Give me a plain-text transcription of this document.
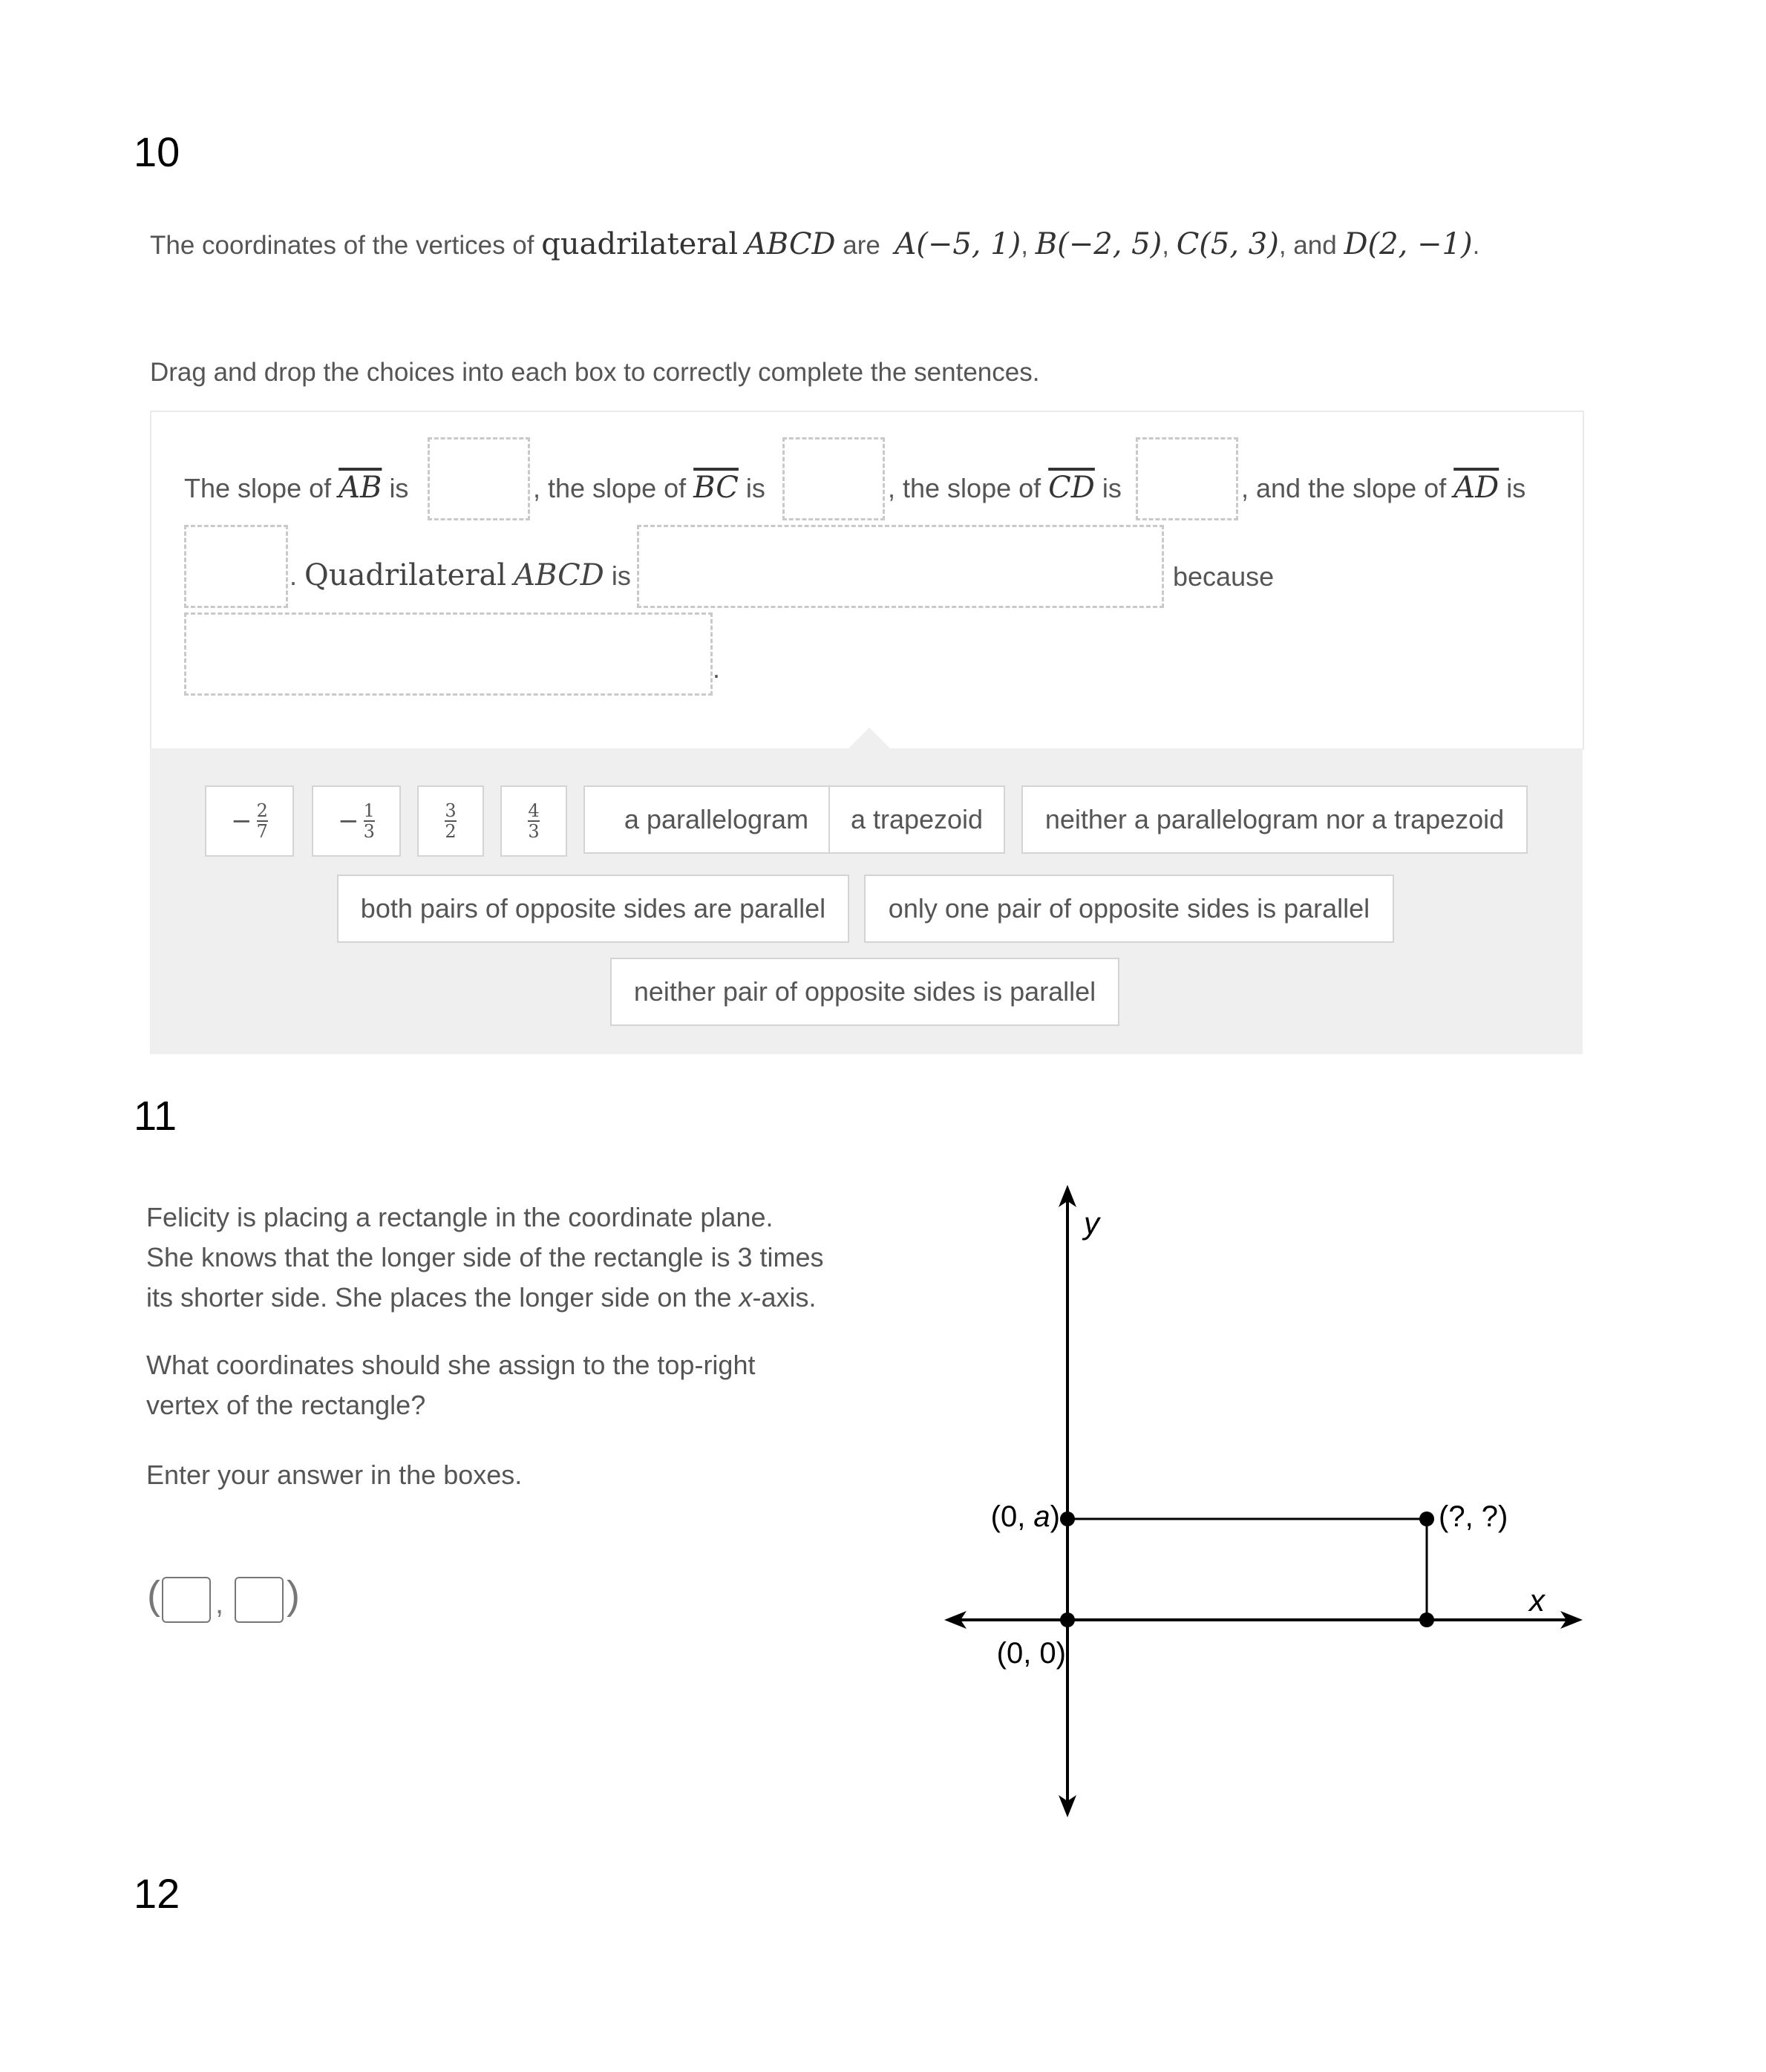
10
The coordinates of the vertices of quadrilateral ABCD are A(−5, 1), B(−2, 5), C(5, 3), and D(2, −1).
Drag and drop the choices into each box to correctly complete the sentences.
The slope of $\overline{AB}$ is	, the slope of $\overline{BC}$ is	, the slope of $\overline{CD}$ is	, and the slope of $\overline{AD}$ is
. Quadrilateral ABCD is	because
.
− $\frac{2}{7}$	− $\frac{1}{3}$	$\frac{3}{2}$	$\frac{4}{3}$	a parallelogram	a trapezoid	neither a parallelogram nor a trapezoid
both pairs of opposite sides are parallel	only one pair of opposite sides is parallel
neither pair of opposite sides is parallel
11
Felicity is placing a rectangle in the coordinate plane.
She knows that the longer side of the rectangle is 3 times
its shorter side. She places the longer side on the x-axis.
What coordinates should she assign to the top-right
vertex of the rectangle?
Enter your answer in the boxes.
( , )
y
x
(0, a)	(?, ?)
(0, 0)
12
